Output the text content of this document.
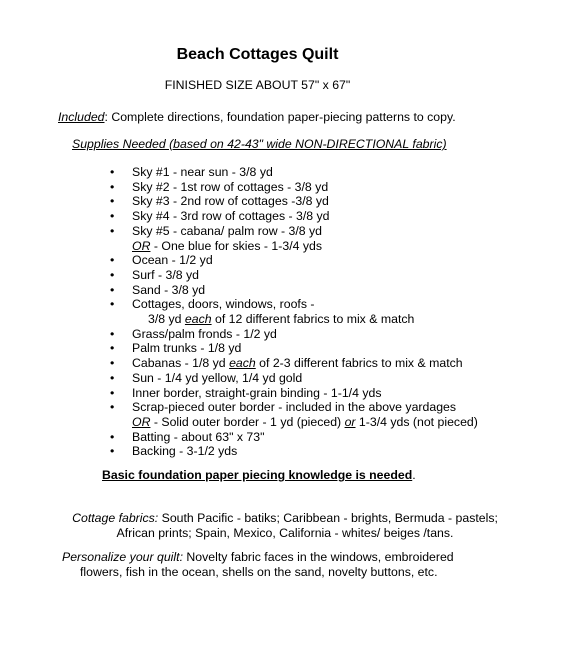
Beach Cottages Quilt
FINISHED SIZE ABOUT 57" x 67"
Included: Complete directions, foundation paper-piecing patterns to copy.
Supplies Needed (based on 42-43" wide NON-DIRECTIONAL fabric)
• Sky #1 - near sun - 3/8 yd
• Sky #2 - 1st row of cottages - 3/8 yd
• Sky #3 - 2nd row of cottages -3/8 yd
• Sky #4 - 3rd row of cottages - 3/8 yd
• Sky #5 - cabana/ palm row - 3/8 yd
OR - One blue for skies - 1-3/4 yds
• Ocean - 1/2 yd
• Surf - 3/8 yd
• Sand - 3/8 yd
• Cottages, doors, windows, roofs -
3/8 yd each of 12 different fabrics to mix & match
• Grass/palm fronds - 1/2 yd
• Palm trunks - 1/8 yd
• Cabanas - 1/8 yd each of 2-3 different fabrics to mix & match
• Sun - 1/4 yd yellow, 1/4 yd gold
• Inner border, straight-grain binding - 1-1/4 yds
• Scrap-pieced outer border - included in the above yardages
OR - Solid outer border - 1 yd (pieced) or 1-3/4 yds (not pieced)
• Batting - about 63" x 73"
• Backing - 3-1/2 yds
Basic foundation paper piecing knowledge is needed.
Cottage fabrics: South Pacific - batiks; Caribbean - brights, Bermuda - pastels;
African prints; Spain, Mexico, California - whites/ beiges /tans.
Personalize your quilt: Novelty fabric faces in the windows, embroidered
flowers, fish in the ocean, shells on the sand, novelty buttons, etc.
